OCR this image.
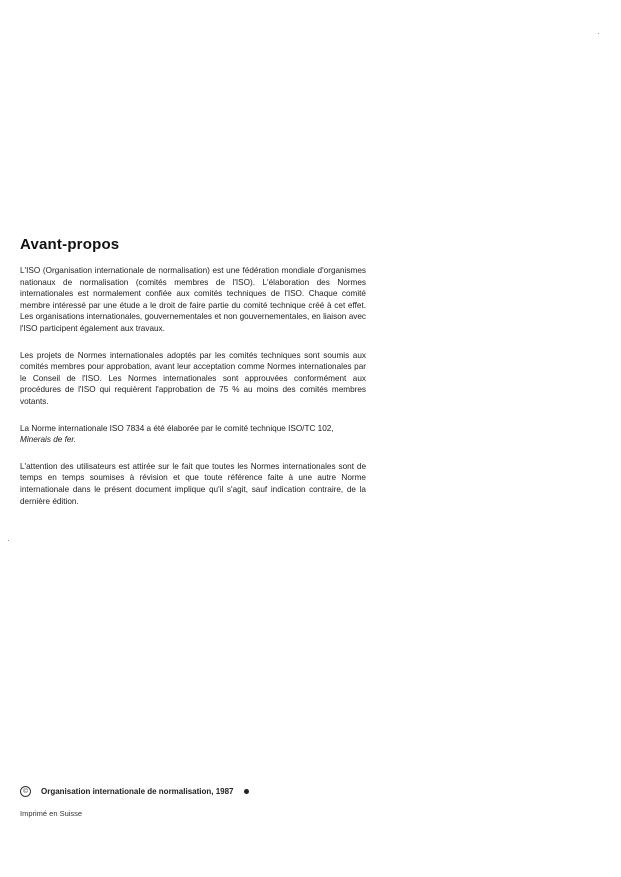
Avant-propos

L'ISO (Organisation internationale de normalisation) est une fédération mondiale d'organismes nationaux de normalisation (comités membres de l'ISO). L'élaboration des Normes internationales est normalement confiée aux comités techniques de l'ISO. Chaque comité membre intéressé par une étude a le droit de faire partie du comité technique créé à cet effet. Les organisations internationales, gouvernementales et non gouvernementales, en liaison avec l'ISO participent également aux travaux.

Les projets de Normes internationales adoptés par les comités techniques sont soumis aux comités membres pour approbation, avant leur acceptation comme Normes internationales par le Conseil de l'ISO. Les Normes internationales sont approuvées conformément aux procédures de l'ISO qui requièrent l'approbation de 75 % au moins des comités membres votants.

La Norme internationale ISO 7834 a été élaborée par le comité technique ISO/TC 102,
Minerais de fer.

L'attention des utilisateurs est attirée sur le fait que toutes les Normes internationales sont de temps en temps soumises à révision et que toute référence faite à une autre Norme internationale dans le présent document implique qu'il s'agit, sauf indication contraire, de la dernière édition.

©	Organisation internationale de normalisation, 1987
Imprimé en Suisse
